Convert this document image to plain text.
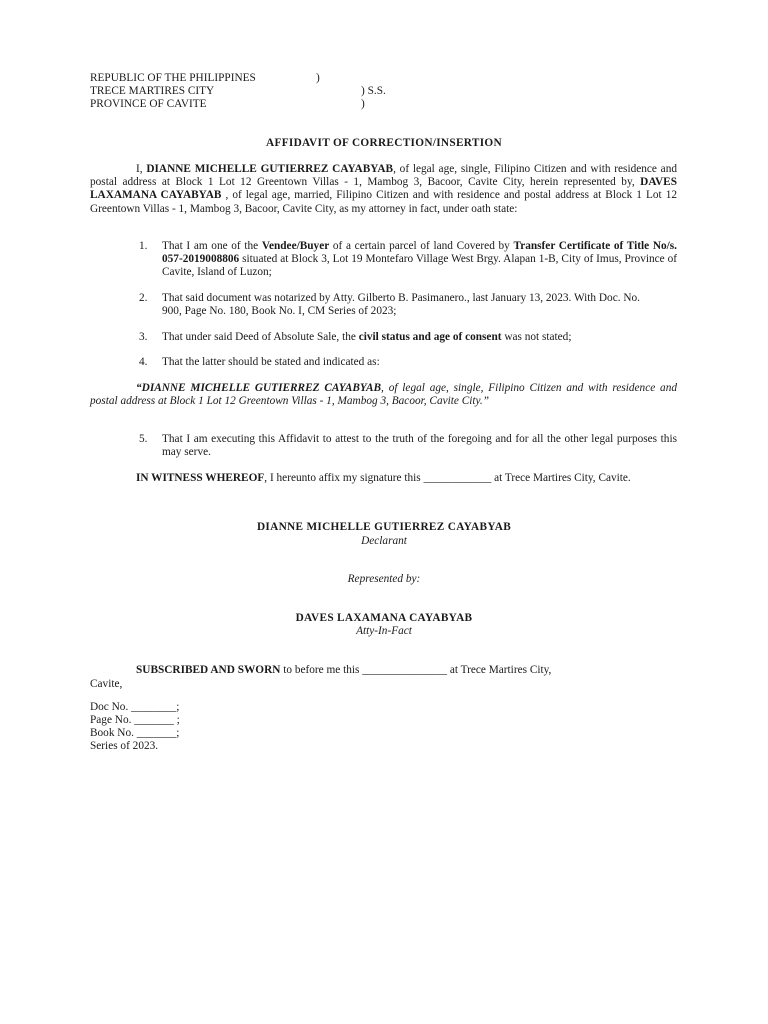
REPUBLIC OF THE PHILIPPINES	)
TRECE MARTIRES CITY	) S.S.
PROVINCE OF CAVITE	)
AFFIDAVIT OF CORRECTION/INSERTION
I, DIANNE MICHELLE GUTIERREZ CAYABYAB, of legal age, single, Filipino Citizen and with residence and postal address at Block 1 Lot 12 Greentown Villas - 1, Mambog 3, Bacoor, Cavite City, herein represented by, DAVES LAXAMANA CAYABYAB , of legal age, married, Filipino Citizen and with residence and postal address at Block 1 Lot 12 Greentown Villas - 1, Mambog 3, Bacoor, Cavite City, as my attorney in fact, under oath state:
1. That I am one of the Vendee/Buyer of a certain parcel of land Covered by Transfer Certificate of Title No/s. 057-2019008806 situated at Block 3, Lot 19 Montefaro Village West Brgy. Alapan 1-B, City of Imus, Province of Cavite, Island of Luzon;
2. That said document was notarized by Atty. Gilberto B. Pasimanero., last January 13, 2023. With Doc. No. 900, Page No. 180, Book No. I, CM Series of 2023;
3. That under said Deed of Absolute Sale, the civil status and age of consent was not stated;
4. That the latter should be stated and indicated as:
“DIANNE MICHELLE GUTIERREZ CAYABYAB, of legal age, single, Filipino Citizen and with residence and postal address at Block 1 Lot 12 Greentown Villas - 1, Mambog 3, Bacoor, Cavite City.”
5. That I am executing this Affidavit to attest to the truth of the foregoing and for all the other legal purposes this may serve.
IN WITNESS WHEREOF, I hereunto affix my signature this ____________ at Trece Martires City, Cavite.
DIANNE MICHELLE GUTIERREZ CAYABYAB
Declarant
Represented by:
DAVES LAXAMANA CAYABYAB
Atty-In-Fact
SUBSCRIBED AND SWORN to before me this _______________ at Trece Martires City,
Cavite,
Doc No. ________;
Page No. _______ ;
Book No. _______;
Series of 2023.
